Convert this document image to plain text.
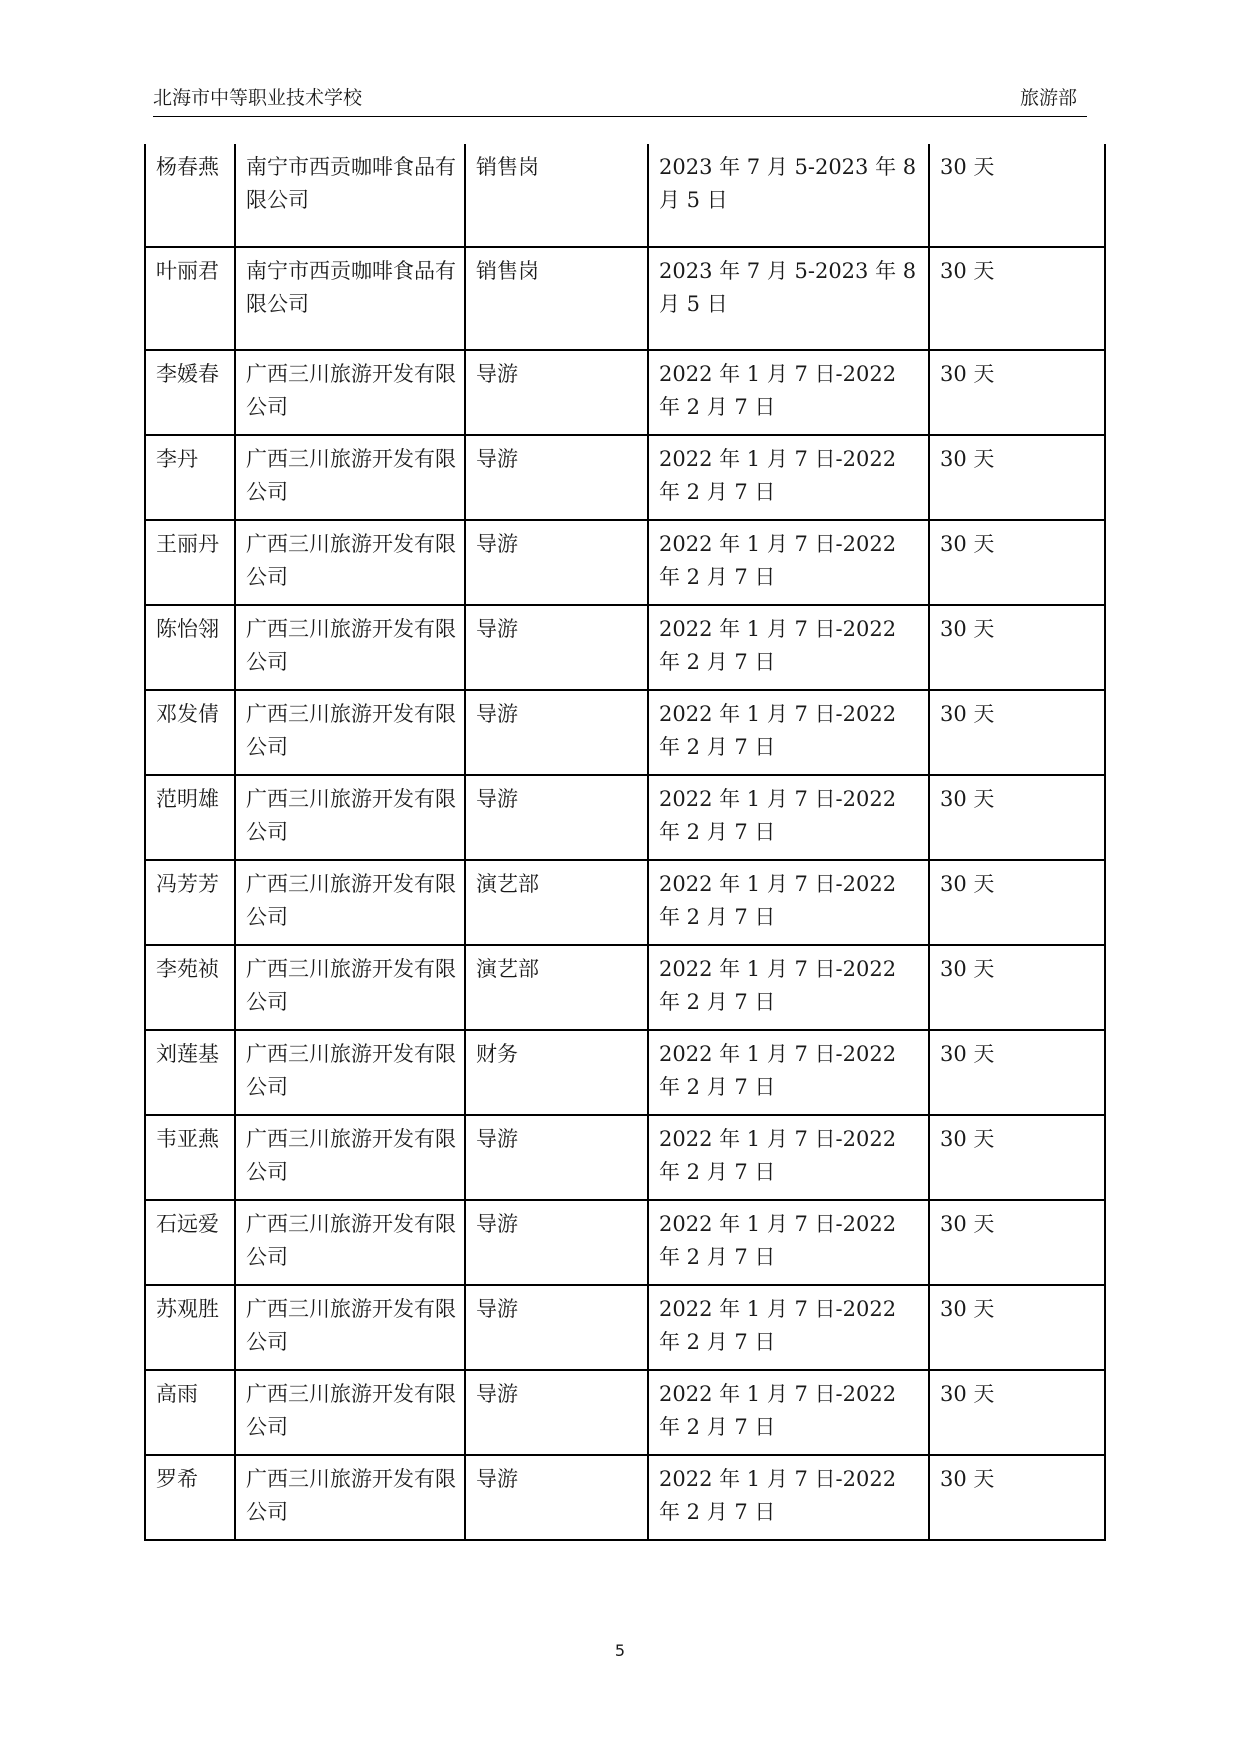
北海市中等职业技术学校	旅游部
杨春燕	南宁市西贡咖啡食品有限公司	销售岗	2023 年 7 月 5-2023 年 8 月 5 日	30 天
叶丽君	南宁市西贡咖啡食品有限公司	销售岗	2023 年 7 月 5-2023 年 8 月 5 日	30 天
李媛春	广西三川旅游开发有限公司	导游	2022 年 1 月 7 日-2022 年 2 月 7 日	30 天
李丹	广西三川旅游开发有限公司	导游	2022 年 1 月 7 日-2022 年 2 月 7 日	30 天
王丽丹	广西三川旅游开发有限公司	导游	2022 年 1 月 7 日-2022 年 2 月 7 日	30 天
陈怡翎	广西三川旅游开发有限公司	导游	2022 年 1 月 7 日-2022 年 2 月 7 日	30 天
邓发倩	广西三川旅游开发有限公司	导游	2022 年 1 月 7 日-2022 年 2 月 7 日	30 天
范明雄	广西三川旅游开发有限公司	导游	2022 年 1 月 7 日-2022 年 2 月 7 日	30 天
冯芳芳	广西三川旅游开发有限公司	演艺部	2022 年 1 月 7 日-2022 年 2 月 7 日	30 天
李苑祯	广西三川旅游开发有限公司	演艺部	2022 年 1 月 7 日-2022 年 2 月 7 日	30 天
刘莲基	广西三川旅游开发有限公司	财务	2022 年 1 月 7 日-2022 年 2 月 7 日	30 天
韦亚燕	广西三川旅游开发有限公司	导游	2022 年 1 月 7 日-2022 年 2 月 7 日	30 天
石远爱	广西三川旅游开发有限公司	导游	2022 年 1 月 7 日-2022 年 2 月 7 日	30 天
苏观胜	广西三川旅游开发有限公司	导游	2022 年 1 月 7 日-2022 年 2 月 7 日	30 天
高雨	广西三川旅游开发有限公司	导游	2022 年 1 月 7 日-2022 年 2 月 7 日	30 天
罗希	广西三川旅游开发有限公司	导游	2022 年 1 月 7 日-2022 年 2 月 7 日	30 天
5
